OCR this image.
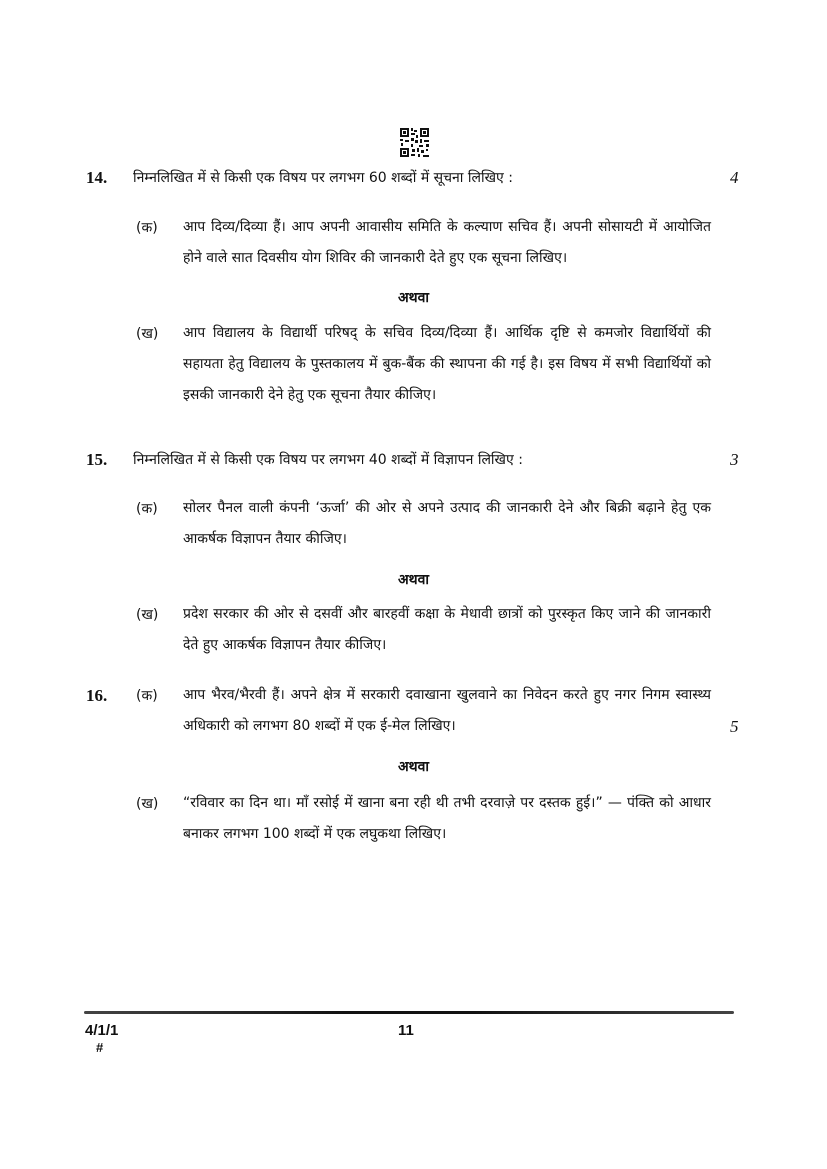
14. निम्नलिखित में से किसी एक विषय पर लगभग 60 शब्दों में सूचना लिखिए :	4
(क) आप दिव्य/दिव्या हैं। आप अपनी आवासीय समिति के कल्याण सचिव हैं। अपनी सोसायटी में आयोजित होने वाले सात दिवसीय योग शिविर की जानकारी देते हुए एक सूचना लिखिए।
अथवा
(ख) आप विद्यालय के विद्यार्थी परिषद् के सचिव दिव्य/दिव्या हैं। आर्थिक दृष्टि से कमजोर विद्यार्थियों की सहायता हेतु विद्यालय के पुस्तकालय में बुक-बैंक की स्थापना की गई है। इस विषय में सभी विद्यार्थियों को इसकी जानकारी देने हेतु एक सूचना तैयार कीजिए।
15. निम्नलिखित में से किसी एक विषय पर लगभग 40 शब्दों में विज्ञापन लिखिए :	3
(क) सोलर पैनल वाली कंपनी ‘ऊर्जा’ की ओर से अपने उत्पाद की जानकारी देने और बिक्री बढ़ाने हेतु एक आकर्षक विज्ञापन तैयार कीजिए।
अथवा
(ख) प्रदेश सरकार की ओर से दसवीं और बारहवीं कक्षा के मेधावी छात्रों को पुरस्कृत किए जाने की जानकारी देते हुए आकर्षक विज्ञापन तैयार कीजिए।
16. (क) आप भैरव/भैरवी हैं। अपने क्षेत्र में सरकारी दवाखाना खुलवाने का निवेदन करते हुए नगर निगम स्वास्थ्य अधिकारी को लगभग 80 शब्दों में एक ई-मेल लिखिए।	5
अथवा
(ख) “रविवार का दिन था। माँ रसोई में खाना बना रही थी तभी दरवाज़े पर दस्तक हुई।” — पंक्ति को आधार बनाकर लगभग 100 शब्दों में एक लघुकथा लिखिए।
4/1/1
#
11
